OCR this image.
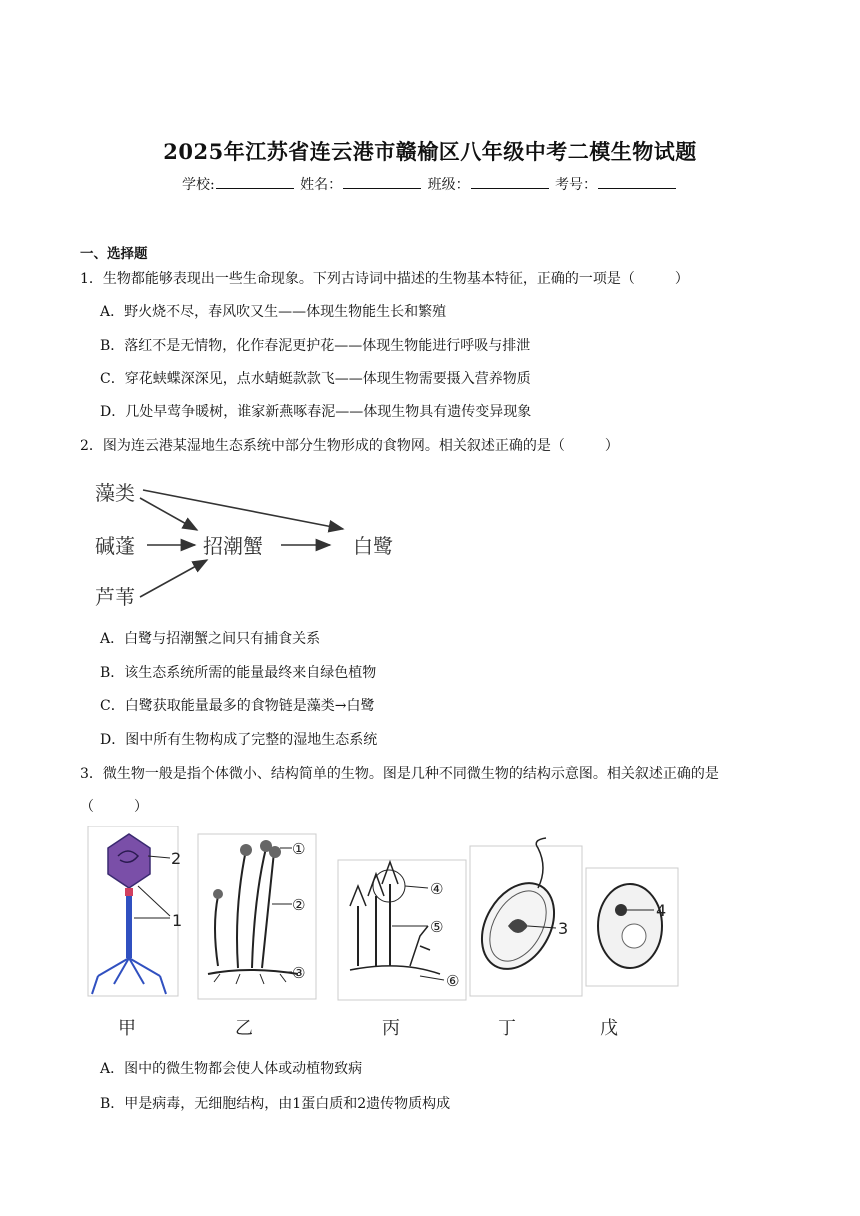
2025年江苏省连云港市赣榆区八年级中考二模生物试题
学校:	姓名：	班级：	考号：
一、选择题
1．生物都能够表现出一些生命现象。下列古诗词中描述的生物基本特征，正确的一项是（	）
A．野火烧不尽，春风吹又生——体现生物能生长和繁殖
B．落红不是无情物，化作春泥更护花——体现生物能进行呼吸与排泄
C．穿花蛱蝶深深见，点水蜻蜓款款飞——体现生物需要摄入营养物质
D．几处早莺争暖树，谁家新燕啄春泥——体现生物具有遗传变异现象
2．图为连云港某湿地生态系统中部分生物形成的食物网。相关叙述正确的是（	）
藻类
碱蓬
芦苇
招潮蟹	白鹭
A．白鹭与招潮蟹之间只有捕食关系
B．该生态系统所需的能量最终来自绿色植物
C．白鹭获取能量最多的食物链是藻类→白鹭
D．图中所有生物构成了完整的湿地生态系统
3．微生物一般是指个体微小、结构简单的生物。图是几种不同微生物的结构示意图。相关叙述正确的是
（	）
2
1
①
②
③
④
⑤
⑥
3
4
甲	乙	丙	丁	戊
A．图中的微生物都会使人体或动植物致病
B．甲是病毒，无细胞结构，由1蛋白质和2遗传物质构成
